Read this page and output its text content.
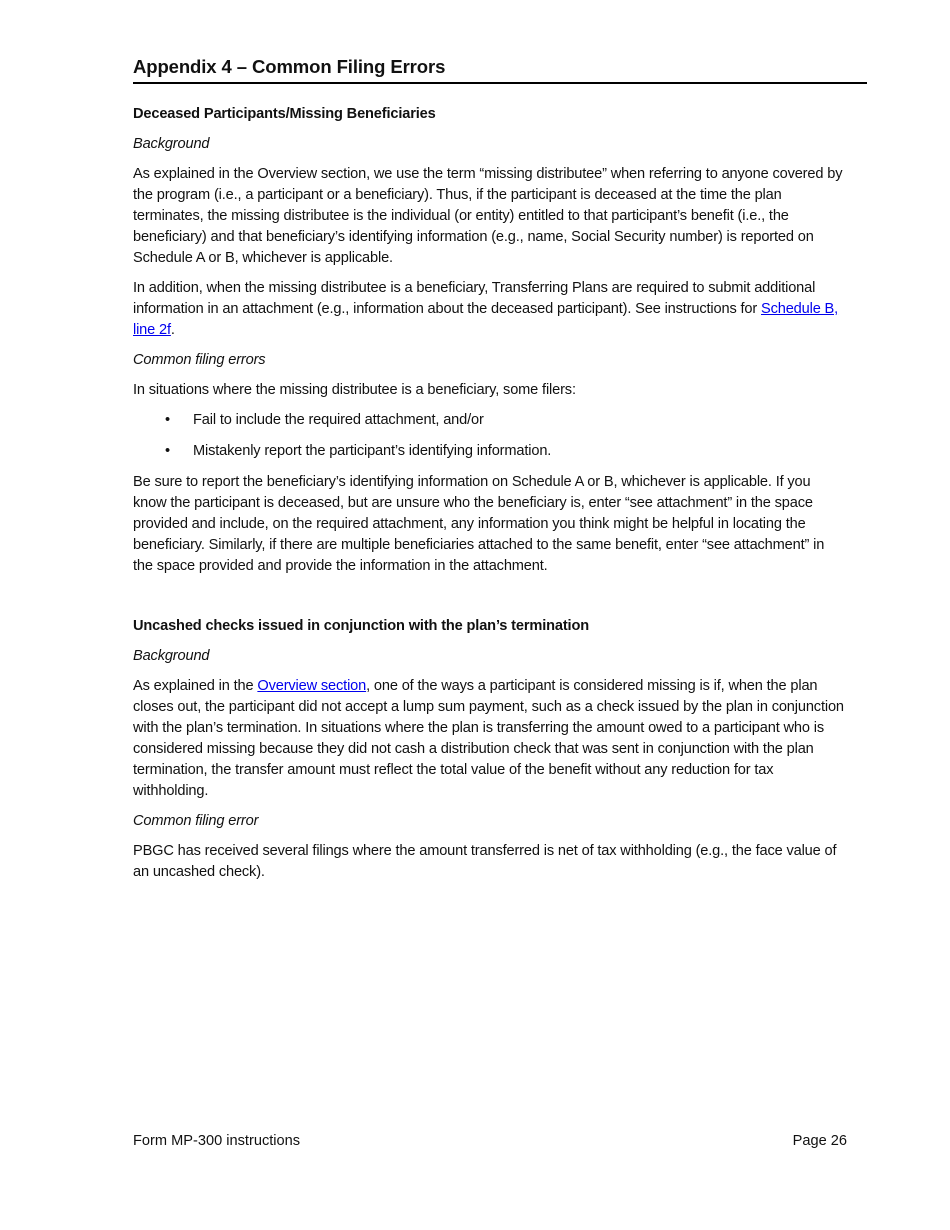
Appendix 4 – Common Filing Errors
Deceased Participants/Missing Beneficiaries
Background

As explained in the Overview section, we use the term “missing distributee” when referring to anyone covered by the program (i.e., a participant or a beneficiary). Thus, if the participant is deceased at the time the plan terminates, the missing distributee is the individual (or entity) entitled to that participant’s benefit (i.e., the beneficiary) and that beneficiary’s identifying information (e.g., name, Social Security number) is reported on Schedule A or B, whichever is applicable.

In addition, when the missing distributee is a beneficiary, Transferring Plans are required to submit additional information in an attachment (e.g., information about the deceased participant). See instructions for Schedule B, line 2f.

Common filing errors

In situations where the missing distributee is a beneficiary, some filers:

• Fail to include the required attachment, and/or
• Mistakenly report the participant’s identifying information.

Be sure to report the beneficiary’s identifying information on Schedule A or B, whichever is applicable. If you know the participant is deceased, but are unsure who the beneficiary is, enter “see attachment” in the space provided and include, on the required attachment, any information you think might be helpful in locating the beneficiary. Similarly, if there are multiple beneficiaries attached to the same benefit, enter “see attachment” in the space provided and provide the information in the attachment.

Uncashed checks issued in conjunction with the plan’s termination
Background

As explained in the Overview section, one of the ways a participant is considered missing is if, when the plan closes out, the participant did not accept a lump sum payment, such as a check issued by the plan in conjunction with the plan’s termination. In situations where the plan is transferring the amount owed to a participant who is considered missing because they did not cash a distribution check that was sent in conjunction with the plan termination, the transfer amount must reflect the total value of the benefit without any reduction for tax withholding.

Common filing error

PBGC has received several filings where the amount transferred is net of tax withholding (e.g., the face value of an uncashed check).

Form MP-300 instructions	Page 26
